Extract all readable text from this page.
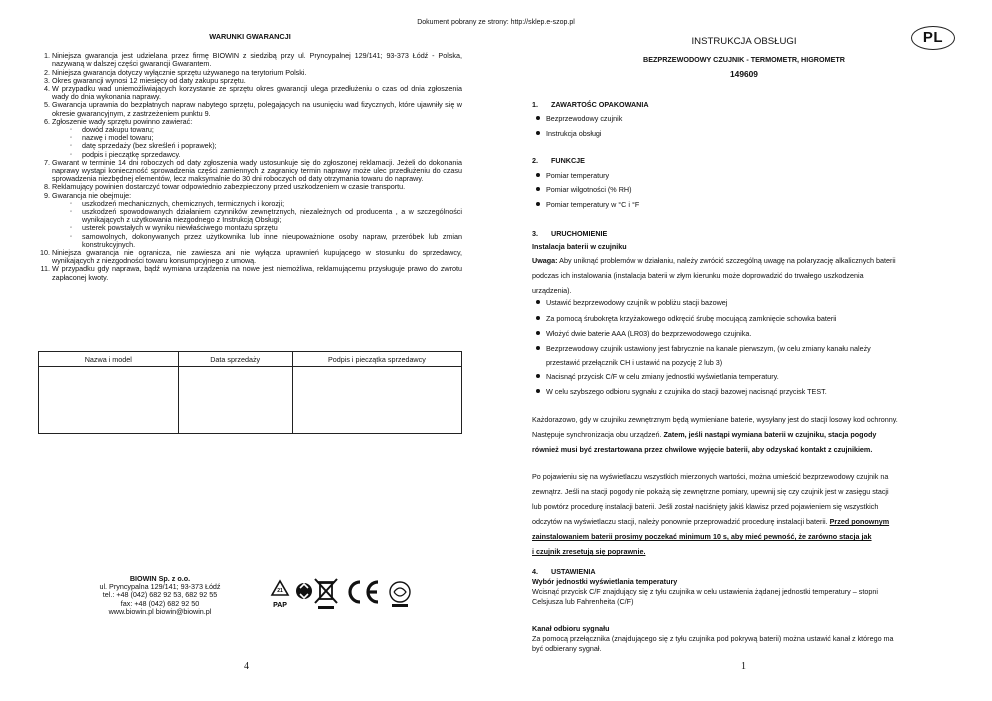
Dokument pobrany ze strony: http://sklep.e-szop.pl
WARUNKI GWARANCJI
1. Niniejsza gwarancja jest udzielana przez firmę BIOWIN z siedzibą przy ul. Pryncypalnej 129/141; 93-373 Łódź - Polska, nazywaną w dalszej części gwarancji Gwarantem.
2. Niniejsza gwarancja dotyczy wyłącznie sprzętu używanego na terytorium Polski.
3. Okres gwarancji wynosi 12 miesięcy od daty zakupu sprzętu.
4. W przypadku wad uniemożliwiających korzystanie ze sprzętu okres gwarancji ulega przedłużeniu o czas od dnia zgłoszenia wady do dnia wykonania naprawy.
5. Gwarancja uprawnia do bezpłatnych napraw nabytego sprzętu, polegających na usunięciu wad fizycznych, które ujawniły się w okresie gwarancyjnym, z zastrzeżeniem punktu 9.
6. Zgłoszenie wady sprzętu powinno zawierać:
◦ dowód zakupu towaru;
◦ nazwę i model towaru;
◦ datę sprzedaży (bez skreśleń i poprawek);
◦ podpis i pieczątkę sprzedawcy.
7. Gwarant w terminie 14 dni roboczych od daty zgłoszenia wady ustosunkuje się do zgłoszonej reklamacji. Jeżeli do dokonania naprawy wystąpi konieczność sprowadzenia części zamiennych z zagranicy termin naprawy może ulec przedłużeniu do czasu sprowadzenia niezbędnej elementów, lecz maksymalnie do 30 dni roboczych od daty otrzymania towaru do naprawy.
8. Reklamujący powinien dostarczyć towar odpowiednio zabezpieczony przed uszkodzeniem w czasie transportu.
9. Gwarancja nie obejmuje:
◦ uszkodzeń mechanicznych, chemicznych, termicznych i korozji;
◦ uszkodzeń spowodowanych działaniem czynników zewnętrznych, niezależnych od producenta , a w szczególności wynikających z użytkowania niezgodnego z Instrukcją Obsługi;
◦ usterek powstałych w wyniku niewłaściwego montażu sprzętu
◦ samowolnych, dokonywanych przez użytkownika lub inne nieupoważnione osoby napraw, przeróbek lub zmian konstrukcyjnych.
10. Niniejsza gwarancja nie ogranicza, nie zawiesza ani nie wyłącza uprawnień kupującego w stosunku do sprzedawcy, wynikających z niezgodności towaru konsumpcyjnego z umową.
11. W przypadku gdy naprawa, bądź wymiana urządzenia na nowe jest niemożliwa, reklamującemu przysługuje prawo do zwrotu zapłaconej kwoty.
Nazwa i model	Data sprzedaży	Podpis i pieczątka sprzedawcy

BIOWIN Sp. z o.o.
ul. Pryncypalna 129/141; 93-373 Łódź
tel.: +48 (042) 682 92 53, 682 92 55
fax: +48 (042) 682 92 50
www.biowin.pl biowin@biowin.pl
21
PAP
4
INSTRUKCJA OBSŁUGI	PL
BEZPRZEWODOWY CZUJNIK - TERMOMETR, HIGROMETR
149609
1. ZAWARTOŚC OPAKOWANIA
Bezprzewodowy czujnik
Instrukcja obsługi
2. FUNKCJE
Pomiar temperatury
Pomiar wilgotności (% RH)
Pomiar temperatury w °C i °F
3. URUCHOMIENIE
Instalacja baterii w czujniku
Uwaga: Aby uniknąć problemów w działaniu, należy zwrócić szczególną uwagę na polaryzację alkalicznych baterii
podczas ich instalowania (instalacja baterii w złym kierunku może doprowadzić do trwałego uszkodzenia
urządzenia).
Ustawić bezprzewodowy czujnik w pobliżu stacji bazowej
Za pomocą śrubokręta krzyżakowego odkręcić śrubę mocującą zamknięcie schowka baterii
Włożyć dwie baterie AAA (LR03) do bezprzewodowego czujnika.
Bezprzewodowy czujnik ustawiony jest fabrycznie na kanale pierwszym, (w celu zmiany kanału należy
przestawić przełącznik CH i ustawić na pozycję 2 lub 3)
Nacisnąć przycisk C/F w celu zmiany jednostki wyświetlania temperatury.
W celu szybszego odbioru sygnału z czujnika do stacji bazowej nacisnąć przycisk TEST.
Każdorazowo, gdy w czujniku zewnętrznym będą wymieniane baterie, wysyłany jest do stacji losowy kod ochronny.
Następuje synchronizacja obu urządzeń. Zatem, jeśli nastąpi wymiana baterii w czujniku, stacja pogody
również musi być zrestartowana przez chwilowe wyjęcie baterii, aby odzyskać kontakt z czujnikiem.
Po pojawieniu się na wyświetlaczu wszystkich mierzonych wartości, można umieścić bezprzewodowy czujnik na
zewnątrz. Jeśli na stacji pogody nie pokażą się zewnętrzne pomiary, upewnij się czy czujnik jest w zasięgu stacji
lub powtórz procedurę instalacji baterii. Jeśli został naciśnięty jakiś klawisz przed pojawieniem się wszystkich
odczytów na wyświetlaczu stacji, należy ponownie przeprowadzić procedurę instalacji baterii. Przed ponownym
zainstalowaniem baterii prosimy poczekać minimum 10 s, aby mieć pewność, że zarówno stacja jak
i czujnik zresetują się poprawnie.
4. USTAWIENIA
Wybór jednostki wyświetlania temperatury
Wcisnąć przycisk C/F znajdujący się z tyłu czujnika w celu ustawienia żądanej jednostki temperatury – stopni
Celsjusza lub Fahrenheita (C/F)
Kanał odbioru sygnału
Za pomocą przełącznika (znajdującego się z tyłu czujnika pod pokrywą baterii) można ustawić kanał z którego ma
być odbierany sygnał.
1
